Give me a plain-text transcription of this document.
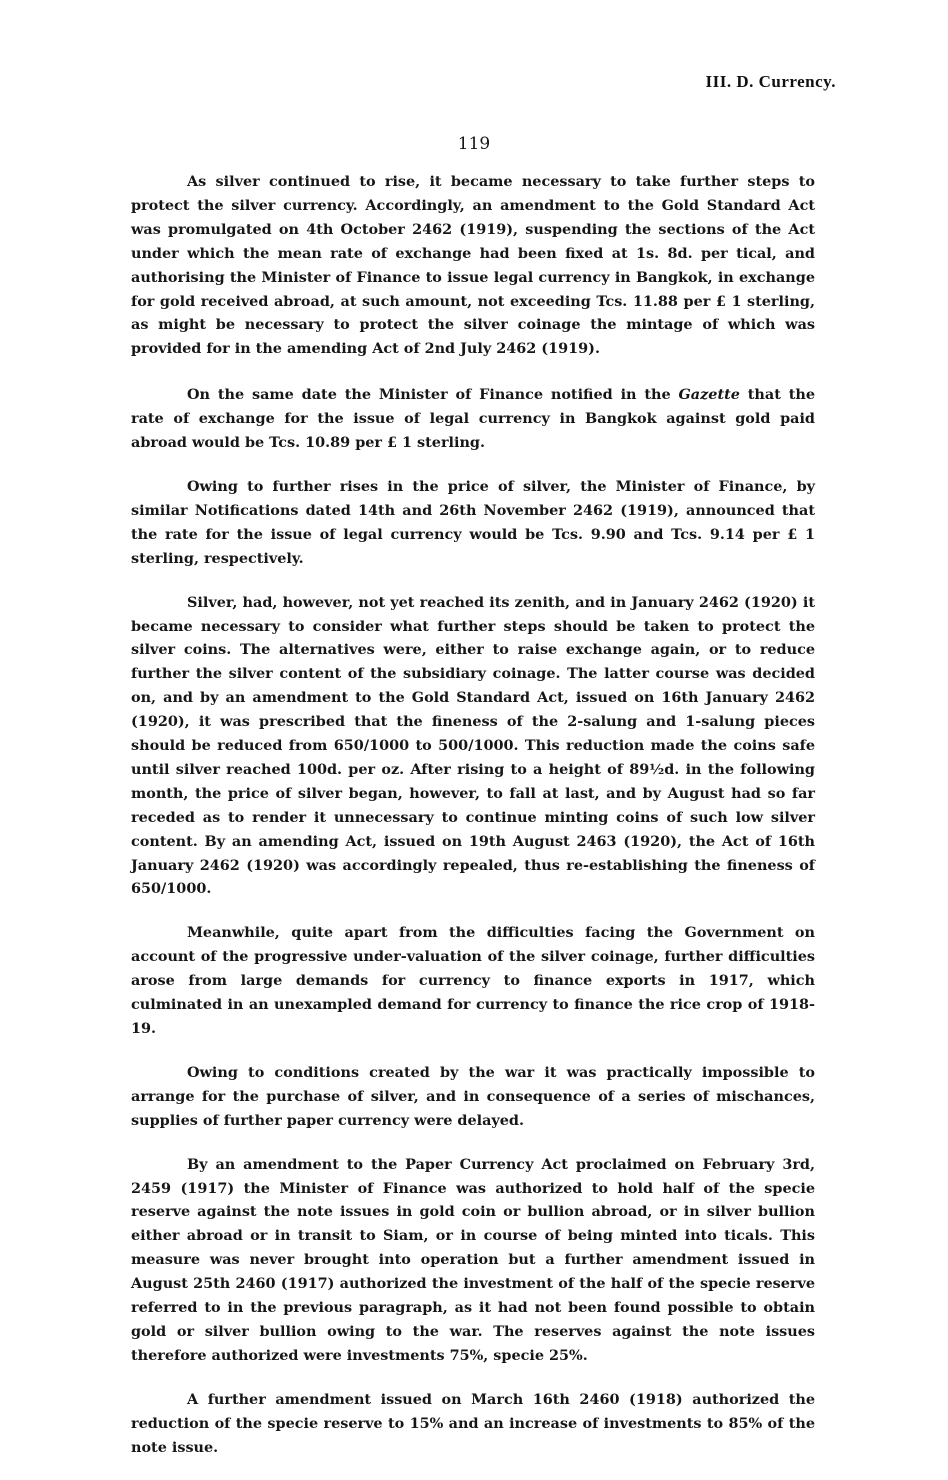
III. D. Currency.
119

As silver continued to rise, it became necessary to take further steps to protect the silver currency. Accordingly, an amendment to the Gold Standard Act was promulgated on 4th October 2462 (1919), suspending the sections of the Act under which the mean rate of exchange had been fixed at 1s. 8d. per tical, and authorising the Minister of Finance to issue legal currency in Bangkok, in exchange for gold received abroad, at such amount, not exceeding Tcs. 11.88 per £ 1 sterling, as might be necessary to protect the silver coinage the mintage of which was provided for in the amending Act of 2nd July 2462 (1919).

On the same date the Minister of Finance notified in the Gazette that the rate of exchange for the issue of legal currency in Bangkok against gold paid abroad would be Tcs. 10.89 per £ 1 sterling.

Owing to further rises in the price of silver, the Minister of Finance, by similar Notifications dated 14th and 26th November 2462 (1919), announced that the rate for the issue of legal currency would be Tcs. 9.90 and Tcs. 9.14 per £ 1 sterling, respectively.

Silver, had, however, not yet reached its zenith, and in January 2462 (1920) it became necessary to consider what further steps should be taken to protect the silver coins. The alternatives were, either to raise exchange again, or to reduce further the silver content of the subsidiary coinage. The latter course was decided on, and by an amendment to the Gold Standard Act, issued on 16th January 2462 (1920), it was prescribed that the fineness of the 2-salung and 1-salung pieces should be reduced from 650/1000 to 500/1000. This reduction made the coins safe until silver reached 100d. per oz. After rising to a height of 89½d. in the following month, the price of silver began, however, to fall at last, and by August had so far receded as to render it unnecessary to continue minting coins of such low silver content. By an amending Act, issued on 19th August 2463 (1920), the Act of 16th January 2462 (1920) was accordingly repealed, thus re-establishing the fineness of 650/1000.

Meanwhile, quite apart from the difficulties facing the Government on account of the progressive under-valuation of the silver coinage, further difficulties arose from large demands for currency to finance exports in 1917, which culminated in an unexampled demand for currency to finance the rice crop of 1918-19.

Owing to conditions created by the war it was practically impossible to arrange for the purchase of silver, and in consequence of a series of mischances, supplies of further paper currency were delayed.

By an amendment to the Paper Currency Act proclaimed on February 3rd, 2459 (1917) the Minister of Finance was authorized to hold half of the specie reserve against the note issues in gold coin or bullion abroad, or in silver bullion either abroad or in transit to Siam, or in course of being minted into ticals. This measure was never brought into operation but a further amendment issued in August 25th 2460 (1917) authorized the investment of the half of the specie reserve referred to in the previous paragraph, as it had not been found possible to obtain gold or silver bullion owing to the war. The reserves against the note issues therefore authorized were investments 75%, specie 25%.

A further amendment issued on March 16th 2460 (1918) authorized the reduction of the specie reserve to 15% and an increase of investments to 85% of the note issue.
